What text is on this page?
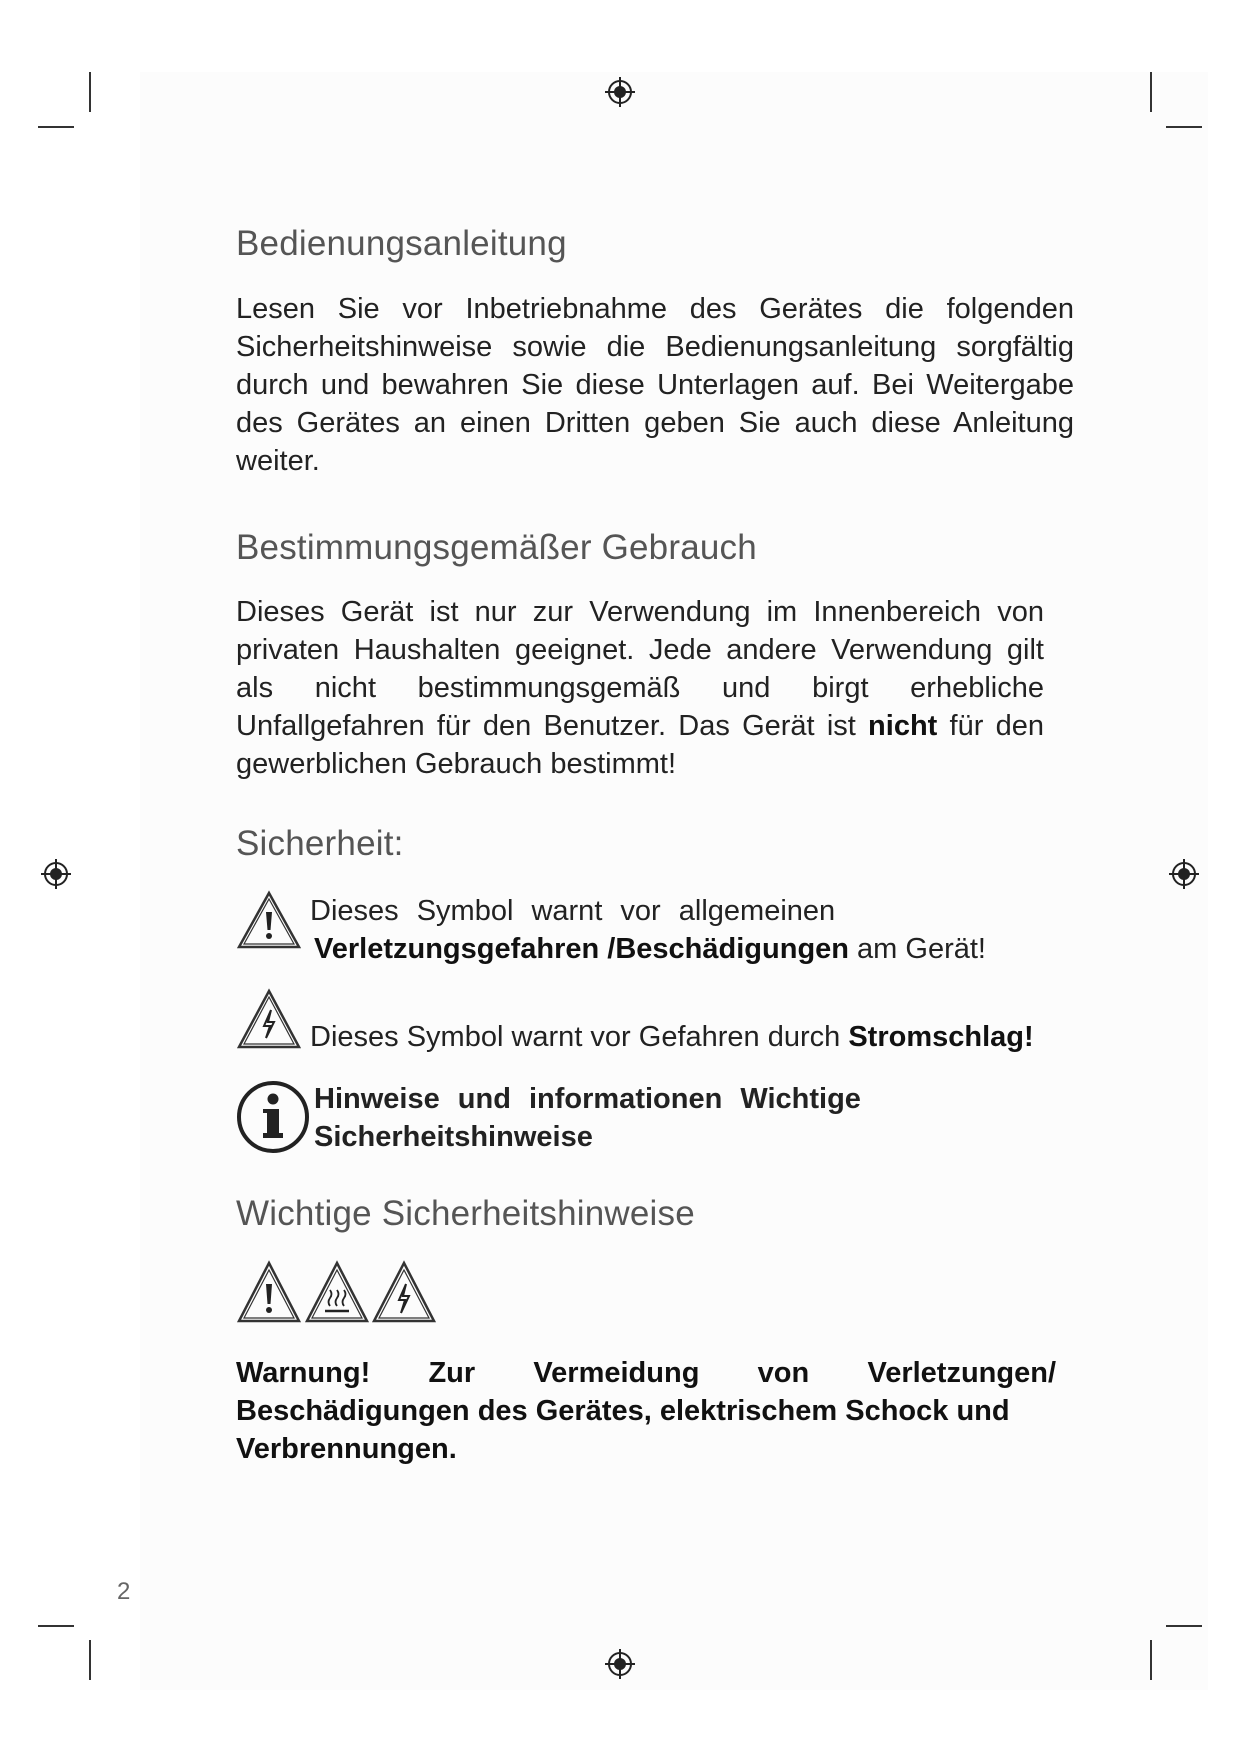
Bedienungsanleitung

Lesen Sie vor Inbetriebnahme des Gerätes die folgenden Sicherheitshinweise sowie die Bedienungsanleitung sorgfältig durch und bewahren Sie diese Unterlagen auf. Bei Weitergabe des Gerätes an einen Dritten geben Sie auch diese Anleitung weiter.

Bestimmungsgemäßer Gebrauch

Dieses Gerät ist nur zur Verwendung im Innenbereich von privaten Haushalten geeignet. Jede andere Verwendung gilt als nicht bestimmungsgemäß und birgt erhebliche Unfallgefahren für den Benutzer. Das Gerät ist nicht für den gewerblichen Gebrauch bestimmt!

Sicherheit:
Dieses Symbol warnt vor allgemeinen
Verletzungsgefahren /Beschädigungen am Gerät!
Dieses Symbol warnt vor Gefahren durch Stromschlag!
Hinweise und informationen Wichtige
Sicherheitshinweise
Wichtige Sicherheitshinweise
Warnung! Zur Vermeidung von Verletzungen/
Beschädigungen des Gerätes, elektrischem Schock und
Verbrennungen.
2
